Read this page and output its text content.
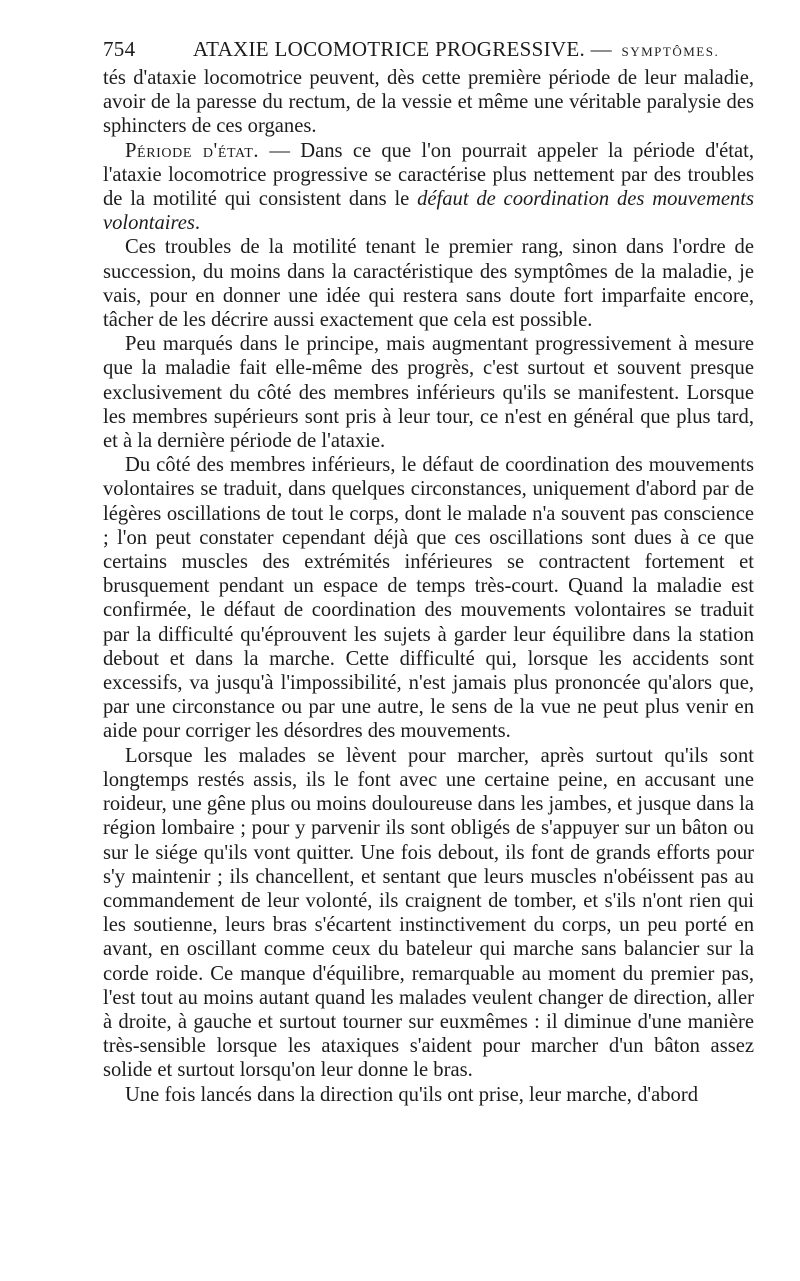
754	ATAXIE LOCOMOTRICE PROGRESSIVE. — SYMPTÔMES.

tés d'ataxie locomotrice peuvent, dès cette première période de leur maladie, avoir de la paresse du rectum, de la vessie et même une véritable paralysie des sphincters de ces organes.

Période d'état. — Dans ce que l'on pourrait appeler la période d'état, l'ataxie locomotrice progressive se caractérise plus nettement par des troubles de la motilité qui consistent dans le défaut de coordination des mouvements volontaires.

Ces troubles de la motilité tenant le premier rang, sinon dans l'ordre de succession, du moins dans la caractéristique des symptômes de la maladie, je vais, pour en donner une idée qui restera sans doute fort imparfaite encore, tâcher de les décrire aussi exactement que cela est possible.

Peu marqués dans le principe, mais augmentant progressivement à mesure que la maladie fait elle-même des progrès, c'est surtout et souvent presque exclusivement du côté des membres inférieurs qu'ils se manifestent. Lorsque les membres supérieurs sont pris à leur tour, ce n'est en général que plus tard, et à la dernière période de l'ataxie.

Du côté des membres inférieurs, le défaut de coordination des mouvements volontaires se traduit, dans quelques circonstances, uniquement d'abord par de légères oscillations de tout le corps, dont le malade n'a souvent pas conscience ; l'on peut constater cependant déjà que ces oscillations sont dues à ce que certains muscles des extrémités inférieures se contractent fortement et brusquement pendant un espace de temps très-court. Quand la maladie est confirmée, le défaut de coordination des mouvements volontaires se traduit par la difficulté qu'éprouvent les sujets à garder leur équilibre dans la station debout et dans la marche. Cette difficulté qui, lorsque les accidents sont excessifs, va jusqu'à l'impossibilité, n'est jamais plus prononcée qu'alors que, par une circonstance ou par une autre, le sens de la vue ne peut plus venir en aide pour corriger les désordres des mouvements.

Lorsque les malades se lèvent pour marcher, après surtout qu'ils sont longtemps restés assis, ils le font avec une certaine peine, en accusant une roideur, une gêne plus ou moins douloureuse dans les jambes, et jusque dans la région lombaire ; pour y parvenir ils sont obligés de s'appuyer sur un bâton ou sur le siége qu'ils vont quitter. Une fois debout, ils font de grands efforts pour s'y maintenir ; ils chancellent, et sentant que leurs muscles n'obéissent pas au commandement de leur volonté, ils craignent de tomber, et s'ils n'ont rien qui les soutienne, leurs bras s'écartent instinctivement du corps, un peu porté en avant, en oscillant comme ceux du bateleur qui marche sans balancier sur la corde roide. Ce manque d'équilibre, remarquable au moment du premier pas, l'est tout au moins autant quand les malades veulent changer de direction, aller à droite, à gauche et surtout tourner sur euxmêmes : il diminue d'une manière très-sensible lorsque les ataxiques s'aident pour marcher d'un bâton assez solide et surtout lorsqu'on leur donne le bras.

Une fois lancés dans la direction qu'ils ont prise, leur marche, d'abord
